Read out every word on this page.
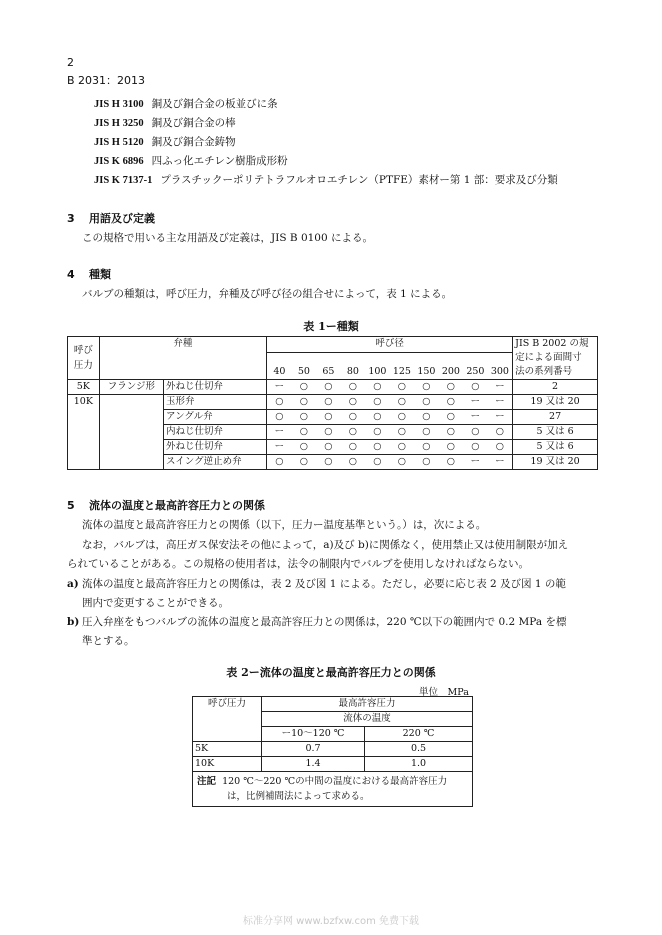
2
B 2031：2013
JIS H 3100 銅及び銅合金の板並びに条
JIS H 3250 銅及び銅合金の棒
JIS H 5120 銅及び銅合金鋳物
JIS K 6896 四ふっ化エチレン樹脂成形粉
JIS K 7137-1 プラスチックーポリテトラフルオロエチレン（PTFE）素材ー第 1 部：要求及び分類
3 用語及び定義
この規格で用いる主な用語及び定義は，JIS B 0100 による。
4 種類
バルブの種類は，呼び圧力，弁種及び呼び径の組合せによって，表 1 による。
表 1ー種類
呼び圧力	弁種		呼び径										JIS B 2002 の規
定による面間寸
法の系列番号

			40	50	65	80	100	125	150	200	250	300	
5K	フランジ形	外ねじ仕切弁	ー	○	○	○	○	○	○	○	○	ー	2
10K		玉形弁	○	○	○	○	○	○	○	○	ー	ー	19 又は 20
		アングル弁	○	○	○	○	○	○	○	○	ー	ー	27
		内ねじ仕切弁	ー	○	○	○	○	○	○	○	○	○	5 又は 6
		外ねじ仕切弁	ー	○	○	○	○	○	○	○	○	○	5 又は 6
		スイング逆止め弁	○	○	○	○	○	○	○	○	ー	ー	19 又は 20
5 流体の温度と最高許容圧力との関係
流体の温度と最高許容圧力との関係（以下，圧力ー温度基準という。）は，次による。
なお，バルブは，高圧ガス保安法その他によって，a)及び b)に関係なく，使用禁止又は使用制限が加え
られていることがある。この規格の使用者は，法令の制限内でバルブを使用しなければならない。
a) 流体の温度と最高許容圧力との関係は，表 2 及び図 1 による。ただし，必要に応じ表 2 及び図 1 の範
囲内で変更することができる。
b) 圧入弁座をもつバルブの流体の温度と最高許容圧力との関係は，220 ℃以下の範囲内で 0.2 MPa を標
準とする。
表 2ー流体の温度と最高許容圧力との関係
単位　MPa
呼び圧力	最高許容圧力	
	流体の温度	
	ー10～120 ℃	220 ℃
5K	0.7	0.5
10K	1.4	1.0

注記 120 ℃～220 ℃の中間の温度における最高許容圧力
は，比例補間法によって求める。		
标准分享网 www.bzfxw.com 免费下载
